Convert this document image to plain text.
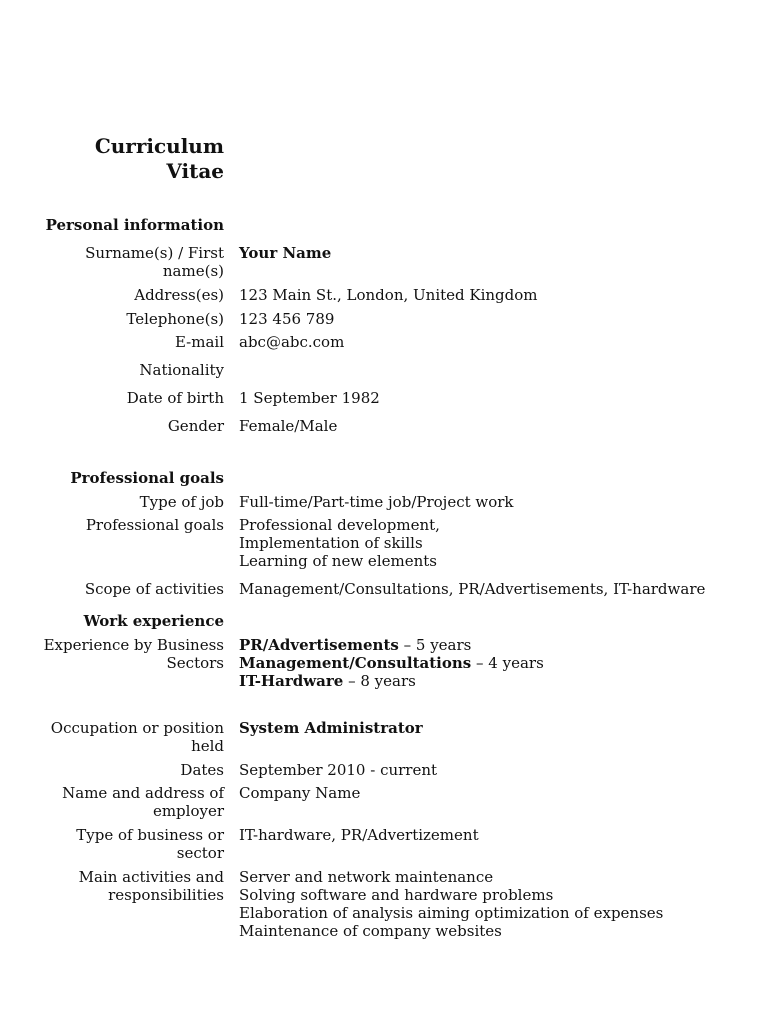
Curriculum
Vitae
Personal information
Surname(s) / First
name(s)
Your Name
Address(es) 123 Main St., London, United Kingdom
Telephone(s) 123 456 789
E-mail abc@abc.com
Nationality
Date of birth 1 September 1982
Gender Female/Male
Professional goals
Type of job Full-time/Part-time job/Project work
Professional goals Professional development,
Implementation of skills
Learning of new elements
Scope of activities Management/Consultations, PR/Advertisements, IT-hardware
Work experience
Experience by Business
Sectors
PR/Advertisements – 5 years
Management/Consultations – 4 years
IT-Hardware – 8 years
Occupation or position
held
System Administrator
Dates September 2010 - current
Name and address of
employer
Company Name
Type of business or
sector
IT-hardware, PR/Advertizement
Main activities and
responsibilities
Server and network maintenance
Solving software and hardware problems
Elaboration of analysis aiming optimization of expenses
Maintenance of company websites
